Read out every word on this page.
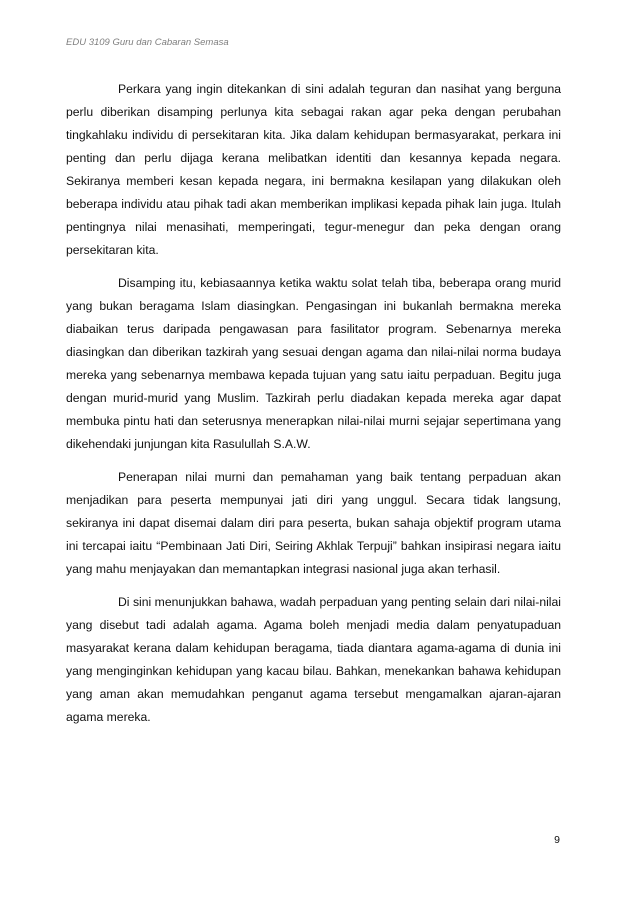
EDU 3109 Guru dan Cabaran Semasa

Perkara yang ingin ditekankan di sini adalah teguran dan nasihat yang berguna perlu diberikan disamping perlunya kita sebagai rakan agar peka dengan perubahan tingkahlaku individu di persekitaran kita. Jika dalam kehidupan bermasyarakat, perkara ini penting dan perlu dijaga kerana melibatkan identiti dan kesannya kepada negara. Sekiranya memberi kesan kepada negara, ini bermakna kesilapan yang dilakukan oleh beberapa individu atau pihak tadi akan memberikan implikasi kepada pihak lain juga. Itulah pentingnya nilai menasihati, memperingati, tegur-menegur dan peka dengan orang persekitaran kita.

Disamping itu, kebiasaannya ketika waktu solat telah tiba, beberapa orang murid yang bukan beragama Islam diasingkan. Pengasingan ini bukanlah bermakna mereka diabaikan terus daripada pengawasan para fasilitator program. Sebenarnya mereka diasingkan dan diberikan tazkirah yang sesuai dengan agama dan nilai-nilai norma budaya mereka yang sebenarnya membawa kepada tujuan yang satu iaitu perpaduan. Begitu juga dengan murid-murid yang Muslim. Tazkirah perlu diadakan kepada mereka agar dapat membuka pintu hati dan seterusnya menerapkan nilai-nilai murni sejajar sepertimana yang dikehendaki junjungan kita Rasulullah S.A.W.

Penerapan nilai murni dan pemahaman yang baik tentang perpaduan akan menjadikan para peserta mempunyai jati diri yang unggul. Secara tidak langsung, sekiranya ini dapat disemai dalam diri para peserta, bukan sahaja objektif program utama ini tercapai iaitu “Pembinaan Jati Diri, Seiring Akhlak Terpuji” bahkan insipirasi negara iaitu yang mahu menjayakan dan memantapkan integrasi nasional juga akan terhasil.

Di sini menunjukkan bahawa, wadah perpaduan yang penting selain dari nilai-nilai yang disebut tadi adalah agama. Agama boleh menjadi media dalam penyatupaduan masyarakat kerana dalam kehidupan beragama, tiada diantara agama-agama di dunia ini yang menginginkan kehidupan yang kacau bilau. Bahkan, menekankan bahawa kehidupan yang aman akan memudahkan penganut agama tersebut mengamalkan ajaran-ajaran agama mereka.

9
